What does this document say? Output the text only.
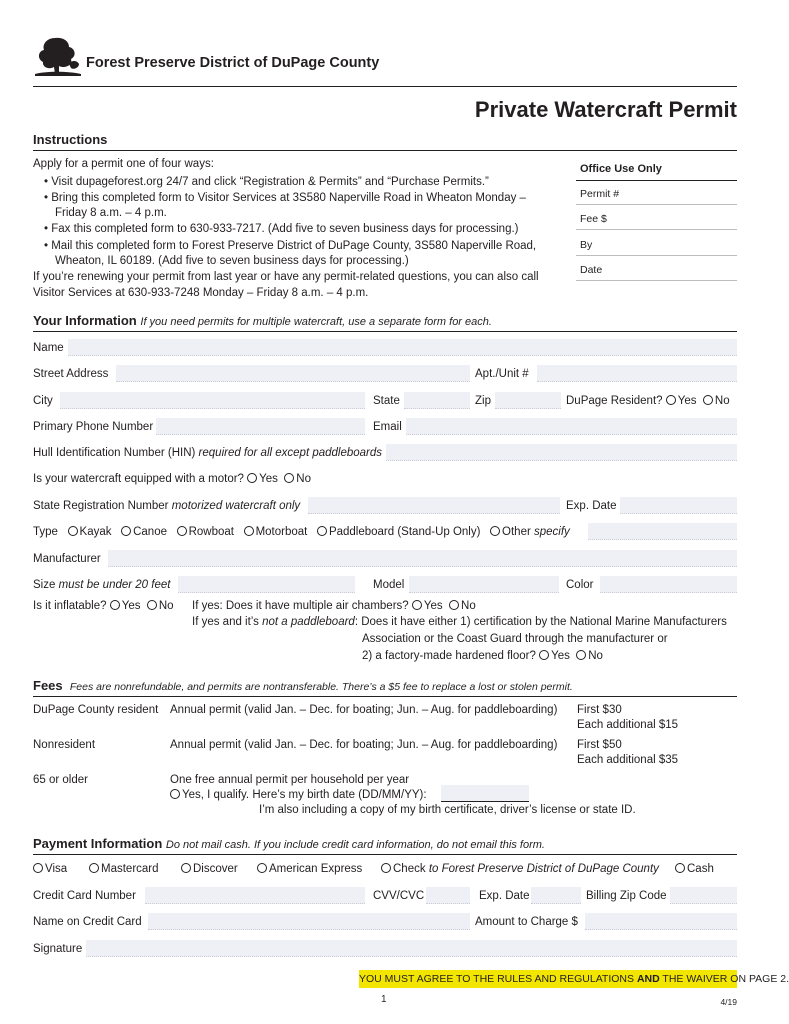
Forest Preserve District of DuPage County
Private Watercraft Permit
Instructions
Apply for a permit one of four ways:
• Visit dupageforest.org 24/7 and click “Registration & Permits” and “Purchase Permits.”
• Bring this completed form to Visitor Services at 3S580 Naperville Road in Wheaton Monday –
Friday 8 a.m. – 4 p.m.
• Fax this completed form to 630-933-7217. (Add five to seven business days for processing.)
• Mail this completed form to Forest Preserve District of DuPage County, 3S580 Naperville Road,
Wheaton, IL 60189. (Add five to seven business days for processing.)
If you’re renewing your permit from last year or have any permit-related questions, you can also call
Visitor Services at 630-933-7248 Monday – Friday 8 a.m. – 4 p.m.
Office Use Only
Permit #
Fee $
By
Date
Your Information If you need permits for multiple watercraft, use a separate form for each.
Name
Street Address	Apt./Unit #
City	State	Zip	DuPage Resident? Yes No
Primary Phone Number	Email
Hull Identification Number (HIN) required for all except paddleboards
Is your watercraft equipped with a motor? Yes No
State Registration Number motorized watercraft only	Exp. Date
Type Kayak Canoe Rowboat Motorboat Paddleboard (Stand-Up Only) Other specify
Manufacturer
Size must be under 20 feet	Model	Color
Is it inflatable? Yes No If yes: Does it have multiple air chambers? Yes No
If yes and it’s not a paddleboard: Does it have either 1) certification by the National Marine Manufacturers
Association or the Coast Guard through the manufacturer or
2) a factory-made hardened floor? Yes No
Fees Fees are nonrefundable, and permits are nontransferable. There’s a $5 fee to replace a lost or stolen permit.
DuPage County resident Annual permit (valid Jan. – Dec. for boating; Jun. – Aug. for paddleboarding) First $30
Each additional $15
Nonresident	Annual permit (valid Jan. – Dec. for boating; Jun. – Aug. for paddleboarding) First $50
Each additional $35
65 or older	One free annual permit per household per year
Yes, I qualify. Here’s my birth date (DD/MM/YY):
I’m also including a copy of my birth certificate, driver’s license or state ID.
Payment Information Do not mail cash. If you include credit card information, do not email this form.
Visa	Mastercard	Discover	American Express	Check to Forest Preserve District of DuPage County	Cash
Credit Card Number	CVV/CVC	Exp. Date	Billing Zip Code
Name on Credit Card	Amount to Charge $
Signature
YOU MUST AGREE TO THE RULES AND REGULATIONS AND THE WAIVER ON PAGE 2.
1	4/19
